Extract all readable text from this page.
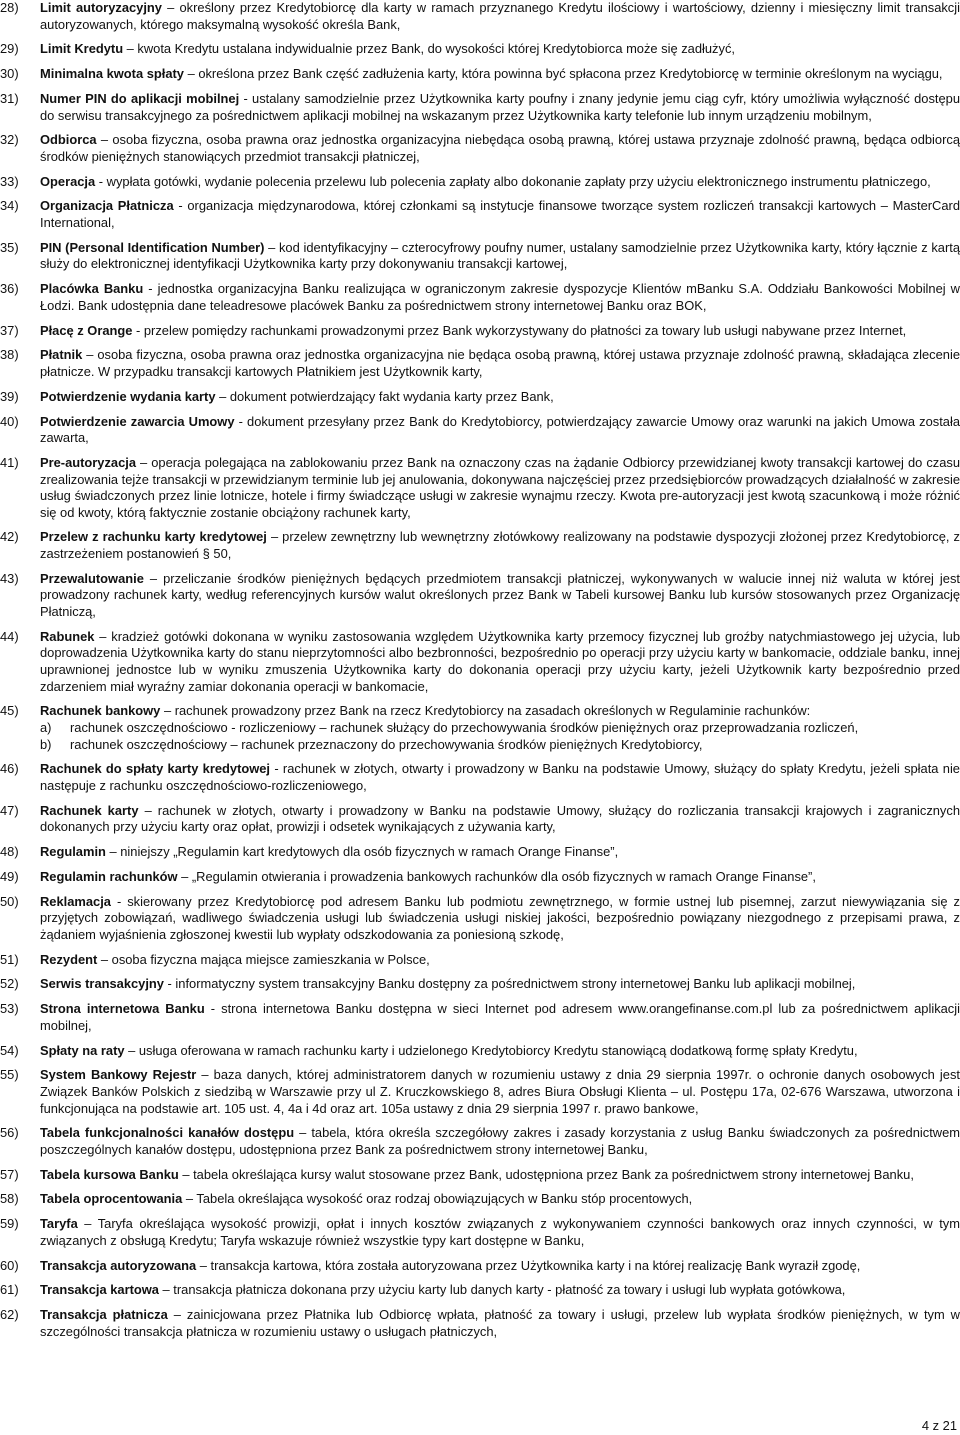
28)	Limit autoryzacyjny – określony przez Kredytobiorcę dla karty w ramach przyznanego Kredytu ilościowy i wartościowy, dzienny i miesięczny limit transakcji autoryzowanych, którego maksymalną wysokość określa Bank,
29)	Limit Kredytu – kwota Kredytu ustalana indywidualnie przez Bank, do wysokości której Kredytobiorca może się zadłużyć,
30)	Minimalna kwota spłaty – określona przez Bank część zadłużenia karty, która powinna być spłacona przez Kredytobiorcę w terminie określonym na wyciągu,
31)	Numer PIN do aplikacji mobilnej - ustalany samodzielnie przez Użytkownika karty poufny i znany jedynie jemu ciąg cyfr, który umożliwia wyłączność dostępu do serwisu transakcyjnego za pośrednictwem aplikacji mobilnej na wskazanym przez Użytkownika karty telefonie lub innym urządzeniu mobilnym,
32)	Odbiorca – osoba fizyczna, osoba prawna oraz jednostka organizacyjna niebędąca osobą prawną, której ustawa przyznaje zdolność prawną, będąca odbiorcą środków pieniężnych stanowiących przedmiot transakcji płatniczej,
33)	Operacja - wypłata gotówki, wydanie polecenia przelewu lub polecenia zapłaty albo dokonanie zapłaty przy użyciu elektronicznego instrumentu płatniczego,
34)	Organizacja Płatnicza - organizacja międzynarodowa, której członkami są instytucje finansowe tworzące system rozliczeń transakcji kartowych – MasterCard International,
35)	PIN (Personal Identification Number) – kod identyfikacyjny – czterocyfrowy poufny numer, ustalany samodzielnie przez Użytkownika karty, który łącznie z kartą służy do elektronicznej identyfikacji Użytkownika karty przy dokonywaniu transakcji kartowej,
36)	Placówka Banku - jednostka organizacyjna Banku realizująca w ograniczonym zakresie dyspozycje Klientów mBanku S.A. Oddziału Bankowości Mobilnej w Łodzi. Bank udostępnia dane teleadresowe placówek Banku za pośrednictwem strony internetowej Banku oraz BOK,
37)	Płacę z Orange - przelew pomiędzy rachunkami prowadzonymi przez Bank wykorzystywany do płatności za towary lub usługi nabywane przez Internet,
38)	Płatnik – osoba fizyczna, osoba prawna oraz jednostka organizacyjna nie będąca osobą prawną, której ustawa przyznaje zdolność prawną, składająca zlecenie płatnicze. W przypadku transakcji kartowych Płatnikiem jest Użytkownik karty,
39)	Potwierdzenie wydania karty – dokument potwierdzający fakt wydania karty przez Bank,
40)	Potwierdzenie zawarcia Umowy - dokument przesyłany przez Bank do Kredytobiorcy, potwierdzający zawarcie Umowy oraz warunki na jakich Umowa została zawarta,
41)	Pre-autoryzacja – operacja polegająca na zablokowaniu przez Bank na oznaczony czas na żądanie Odbiorcy przewidzianej kwoty transakcji kartowej do czasu zrealizowania tejże transakcji w przewidzianym terminie lub jej anulowania, dokonywana najczęściej przez przedsiębiorców prowadzących działalność w zakresie usług świadczonych przez linie lotnicze, hotele i firmy świadczące usługi w zakresie wynajmu rzeczy. Kwota pre-autoryzacji jest kwotą szacunkową i może różnić się od kwoty, którą faktycznie zostanie obciążony rachunek karty,
42)	Przelew z rachunku karty kredytowej – przelew zewnętrzny lub wewnętrzny złotówkowy realizowany na podstawie dyspozycji złożonej przez Kredytobiorcę, z zastrzeżeniem postanowień § 50,
43)	Przewalutowanie – przeliczanie środków pieniężnych będących przedmiotem transakcji płatniczej, wykonywanych w walucie innej niż waluta w której jest prowadzony rachunek karty, według referencyjnych kursów walut określonych przez Bank w Tabeli kursowej Banku lub kursów stosowanych przez Organizację Płatniczą,
44)	Rabunek – kradzież gotówki dokonana w wyniku zastosowania względem Użytkownika karty przemocy fizycznej lub groźby natychmiastowego jej użycia, lub doprowadzenia Użytkownika karty do stanu nieprzytomności albo bezbronności, bezpośrednio po operacji przy użyciu karty w bankomacie, oddziale banku, innej uprawnionej jednostce lub w wyniku zmuszenia Użytkownika karty do dokonania operacji przy użyciu karty, jeżeli Użytkownik karty bezpośrednio przed zdarzeniem miał wyraźny zamiar dokonania operacji w bankomacie,
45)	Rachunek bankowy – rachunek prowadzony przez Bank na rzecz Kredytobiorcy na zasadach określonych w Regulaminie rachunków:
a) rachunek oszczędnościowo - rozliczeniowy – rachunek służący do przechowywania środków pieniężnych oraz przeprowadzania rozliczeń,
b) rachunek oszczędnościowy – rachunek przeznaczony do przechowywania środków pieniężnych Kredytobiorcy,
46)	Rachunek do spłaty karty kredytowej - rachunek w złotych, otwarty i prowadzony w Banku na podstawie Umowy, służący do spłaty Kredytu, jeżeli spłata nie następuje z rachunku oszczędnościowo-rozliczeniowego,
47)	Rachunek karty – rachunek w złotych, otwarty i prowadzony w Banku na podstawie Umowy, służący do rozliczania transakcji krajowych i zagranicznych dokonanych przy użyciu karty oraz opłat, prowizji i odsetek wynikających z używania karty,
48)	Regulamin – niniejszy „Regulamin kart kredytowych dla osób fizycznych w ramach Orange Finanse”,
49)	Regulamin rachunków – „Regulamin otwierania i prowadzenia bankowych rachunków dla osób fizycznych w ramach Orange Finanse”,
50)	Reklamacja - skierowany przez Kredytobiorcę pod adresem Banku lub podmiotu zewnętrznego, w formie ustnej lub pisemnej, zarzut niewywiązania się z przyjętych zobowiązań, wadliwego świadczenia usługi lub świadczenia usługi niskiej jakości, bezpośrednio powiązany niezgodnego z przepisami prawa, z żądaniem wyjaśnienia zgłoszonej kwestii lub wypłaty odszkodowania za poniesioną szkodę,
51)	Rezydent – osoba fizyczna mająca miejsce zamieszkania w Polsce,
52)	Serwis transakcyjny - informatyczny system transakcyjny Banku dostępny za pośrednictwem strony internetowej Banku lub aplikacji mobilnej,
53)	Strona internetowa Banku - strona internetowa Banku dostępna w sieci Internet pod adresem www.orangefinanse.com.pl lub za pośrednictwem aplikacji mobilnej,
54)	Spłaty na raty – usługa oferowana w ramach rachunku karty i udzielonego Kredytobiorcy Kredytu stanowiącą dodatkową formę spłaty Kredytu,
55)	System Bankowy Rejestr – baza danych, której administratorem danych w rozumieniu ustawy z dnia 29 sierpnia 1997r. o ochronie danych osobowych jest Związek Banków Polskich z siedzibą w Warszawie przy ul Z. Kruczkowskiego 8, adres Biura Obsługi Klienta – ul. Postępu 17a, 02-676 Warszawa, utworzona i funkcjonująca na podstawie art. 105 ust. 4, 4a i 4d oraz art. 105a ustawy z dnia 29 sierpnia 1997 r. prawo bankowe,
56)	Tabela funkcjonalności kanałów dostępu – tabela, która określa szczegółowy zakres i zasady korzystania z usług Banku świadczonych za pośrednictwem poszczególnych kanałów dostępu, udostępniona przez Bank za pośrednictwem strony internetowej Banku,
57)	Tabela kursowa Banku – tabela określająca kursy walut stosowane przez Bank, udostępniona przez Bank za pośrednictwem strony internetowej Banku,
58)	Tabela oprocentowania – Tabela określająca wysokość oraz rodzaj obowiązujących w Banku stóp procentowych,
59)	Taryfa – Taryfa określająca wysokość prowizji, opłat i innych kosztów związanych z wykonywaniem czynności bankowych oraz innych czynności, w tym związanych z obsługą Kredytu; Taryfa wskazuje również wszystkie typy kart dostępne w Banku,
60)	Transakcja autoryzowana – transakcja kartowa, która została autoryzowana przez Użytkownika karty i na której realizację Bank wyraził zgodę,
61)	Transakcja kartowa – transakcja płatnicza dokonana przy użyciu karty lub danych karty - płatność za towary i usługi lub wypłata gotówkowa,
62)	Transakcja płatnicza – zainicjowana przez Płatnika lub Odbiorcę wpłata, płatność za towary i usługi, przelew lub wypłata środków pieniężnych, w tym w szczególności transakcja płatnicza w rozumieniu ustawy o usługach płatniczych,
4 z 21
